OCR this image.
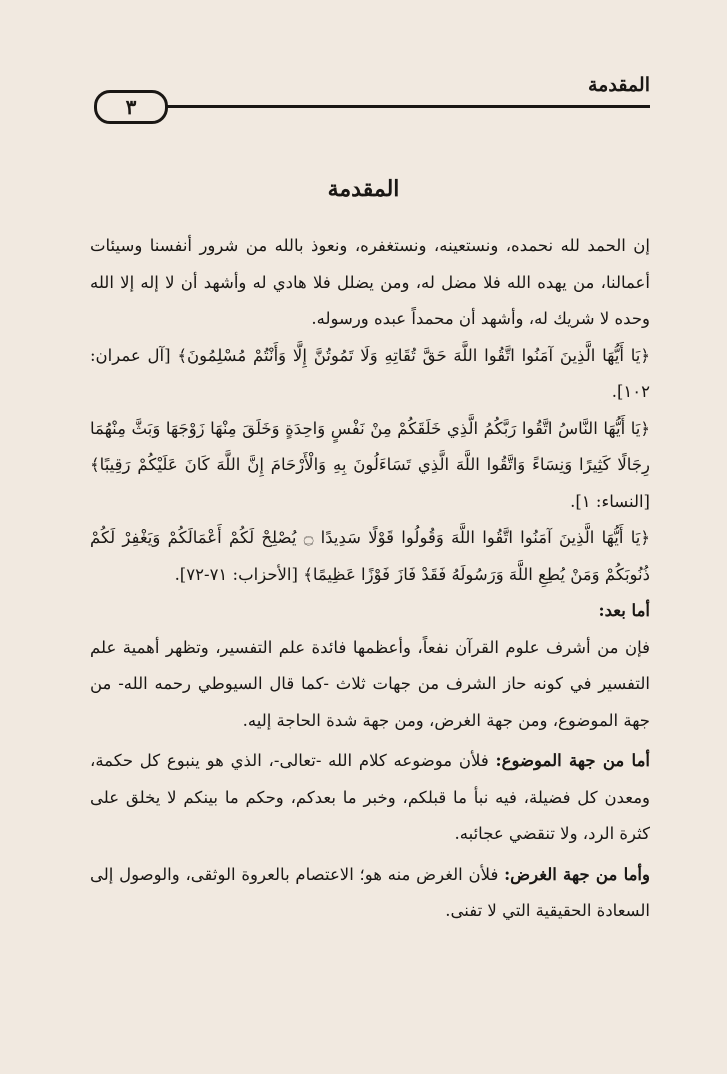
المقدمة
٣
المقدمة

إن الحمد لله نحمده، ونستعينه، ونستغفره، ونعوذ بالله من شرور أنفسنا وسيئات أعمالنا، من يهده الله فلا مضل له، ومن يضلل فلا هادي له وأشهد أن لا إله إلا الله وحده لا شريك له، وأشهد أن محمداً عبده ورسوله.

﴿يَا أَيُّهَا الَّذِينَ آمَنُوا اتَّقُوا اللَّهَ حَقَّ تُقَاتِهِ وَلَا تَمُوتُنَّ إِلَّا وَأَنْتُمْ مُسْلِمُونَ﴾ [آل عمران: ١٠٢].

﴿يَا أَيُّهَا النَّاسُ اتَّقُوا رَبَّكُمُ الَّذِي خَلَقَكُمْ مِنْ نَفْسٍ وَاحِدَةٍ وَخَلَقَ مِنْهَا زَوْجَهَا وَبَثَّ مِنْهُمَا رِجَالًا كَثِيرًا وَنِسَاءً وَاتَّقُوا اللَّهَ الَّذِي تَسَاءَلُونَ بِهِ وَالْأَرْحَامَ إِنَّ اللَّهَ كَانَ عَلَيْكُمْ رَقِيبًا﴾ [النساء: ١].

﴿يَا أَيُّهَا الَّذِينَ آمَنُوا اتَّقُوا اللَّهَ وَقُولُوا قَوْلًا سَدِيدًا ۝ يُصْلِحْ لَكُمْ أَعْمَالَكُمْ وَيَغْفِرْ لَكُمْ ذُنُوبَكُمْ وَمَنْ يُطِعِ اللَّهَ وَرَسُولَهُ فَقَدْ فَازَ فَوْزًا عَظِيمًا﴾ [الأحزاب: ٧١-٧٢].

أما بعد:

فإن من أشرف علوم القرآن نفعاً، وأعظمها فائدة علم التفسير، وتظهر أهمية علم التفسير في كونه حاز الشرف من جهات ثلاث -كما قال السيوطي رحمه الله- من جهة الموضوع، ومن جهة الغرض، ومن جهة شدة الحاجة إليه.

أما من جهة الموضوع: فلأن موضوعه كلام الله -تعالى-، الذي هو ينبوع كل حكمة، ومعدن كل فضيلة، فيه نبأ ما قبلكم، وخبر ما بعدكم، وحكم ما بينكم لا يخلق على كثرة الرد، ولا تنقضي عجائبه.

وأما من جهة الغرض: فلأن الغرض منه هو؛ الاعتصام بالعروة الوثقى، والوصول إلى السعادة الحقيقية التي لا تفنى.
